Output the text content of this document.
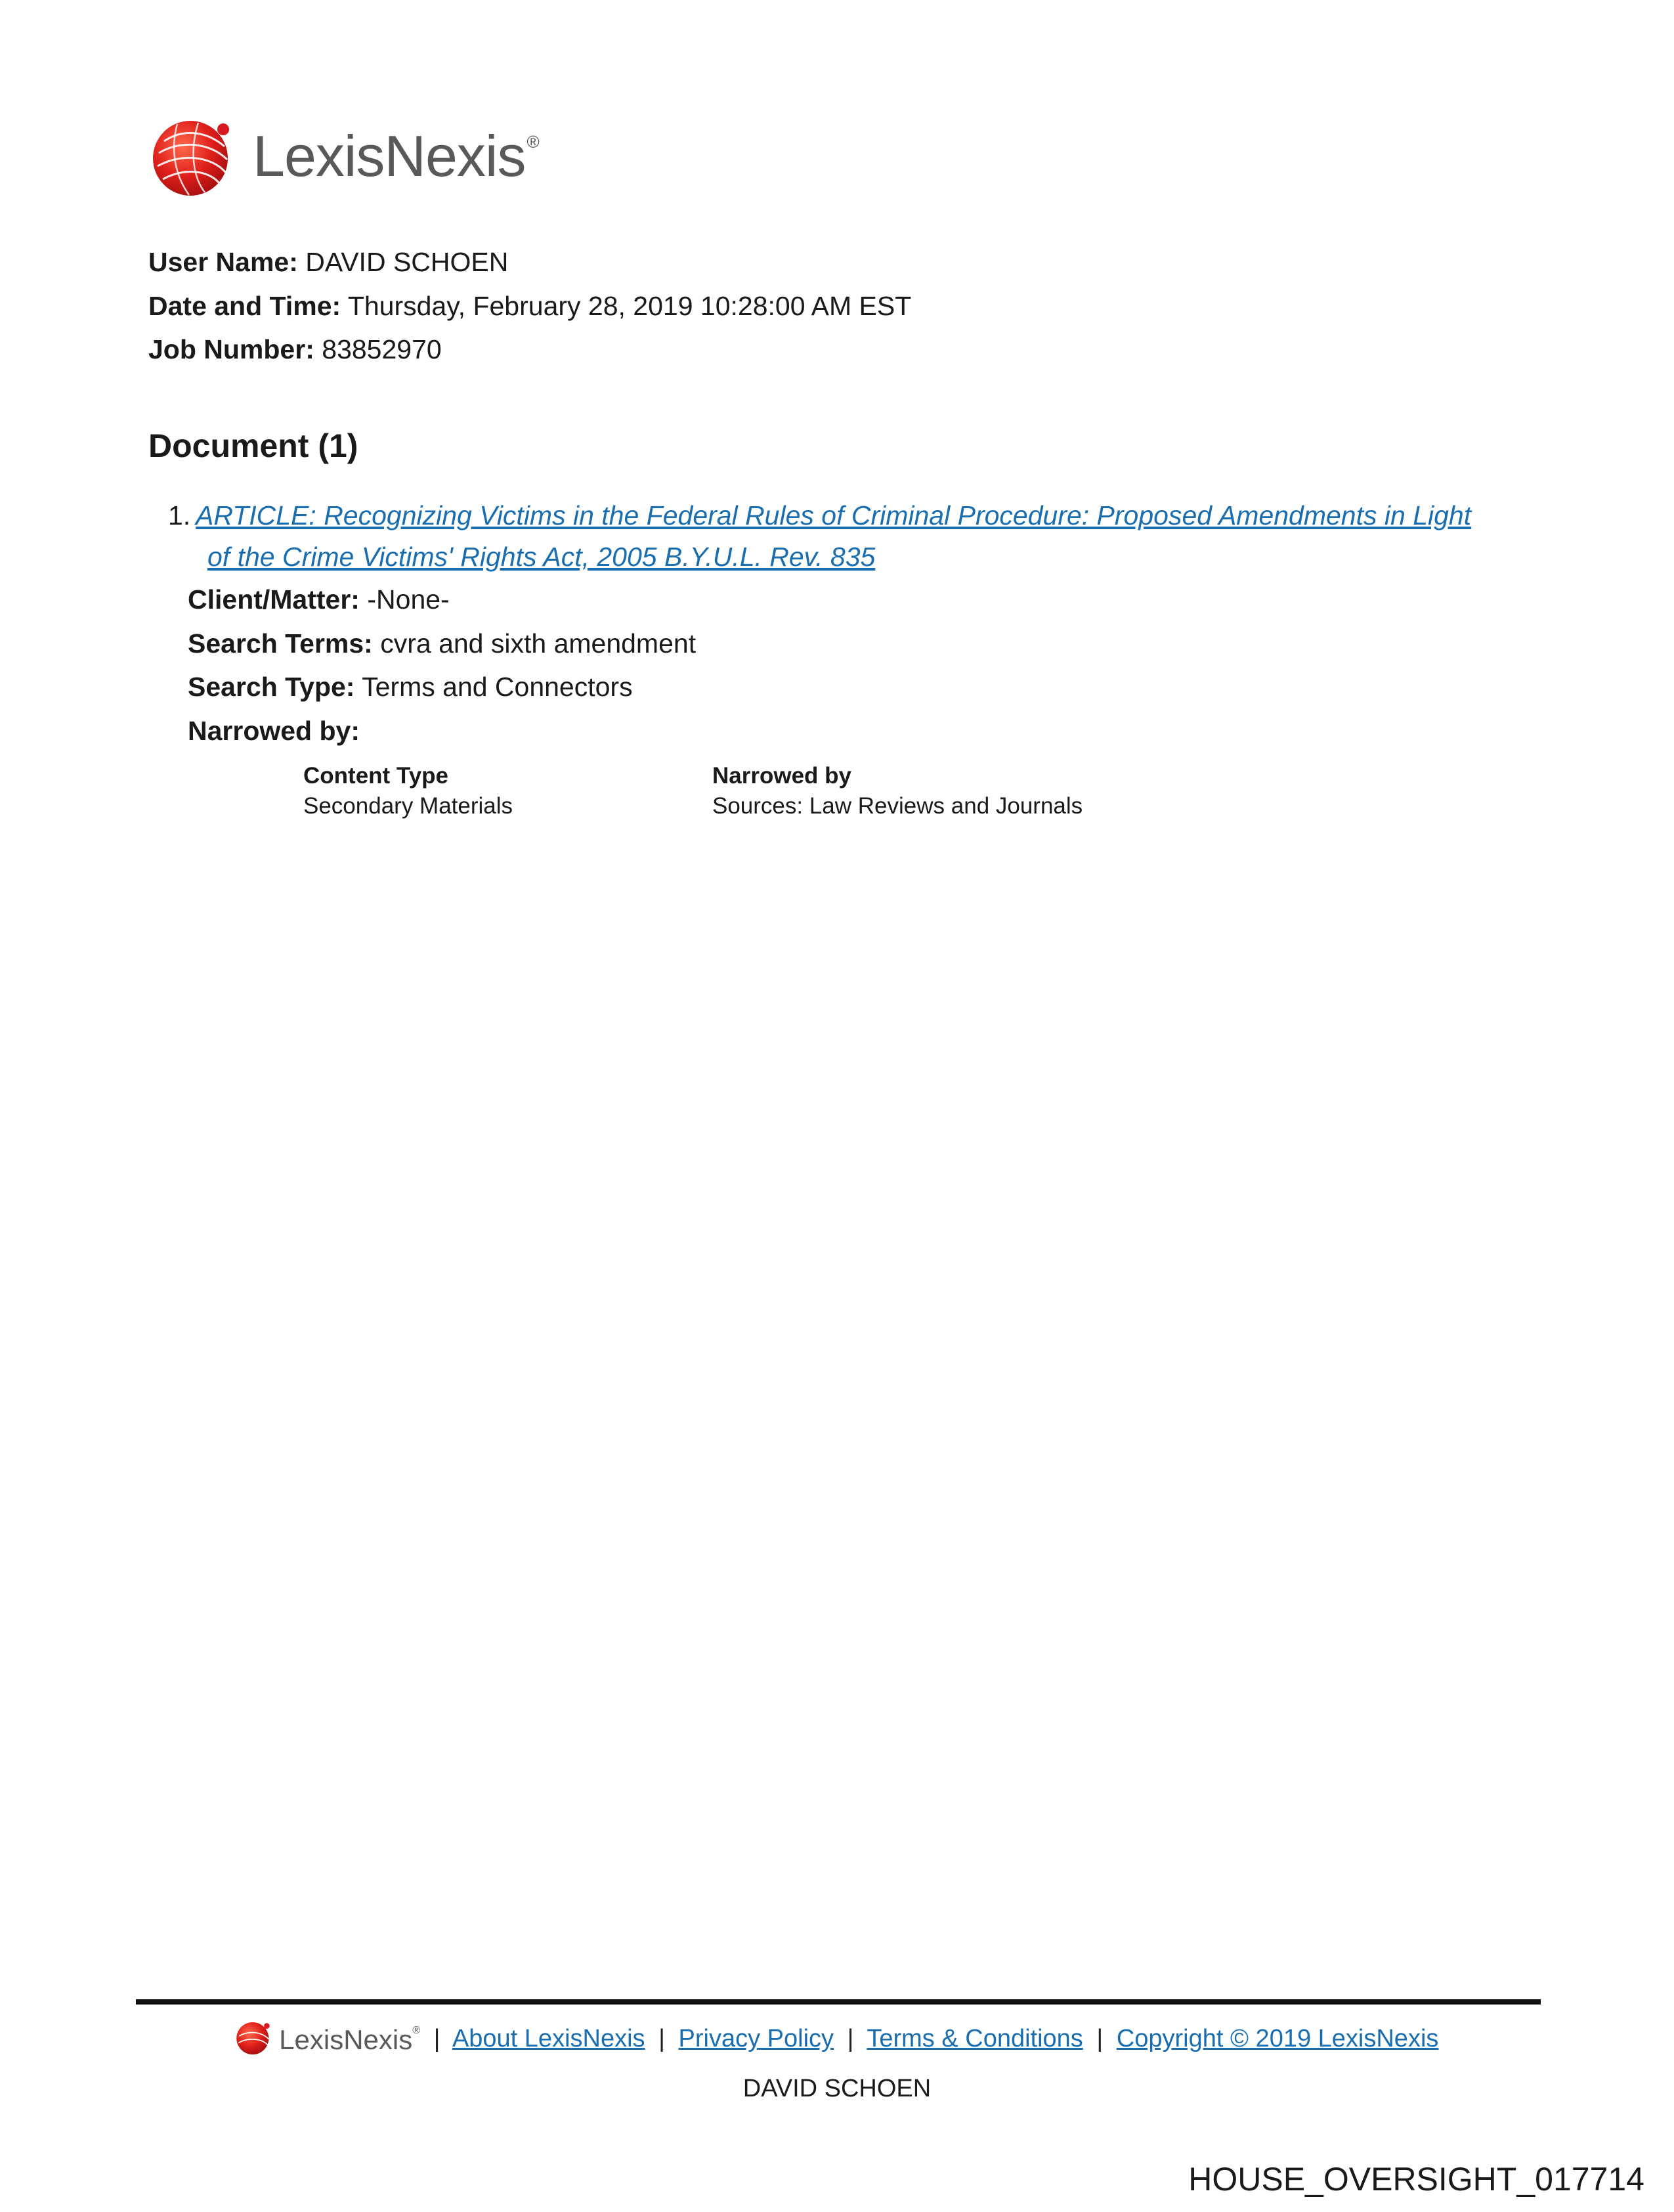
LexisNexis®
User Name: DAVID SCHOEN
Date and Time: Thursday, February 28, 2019 10:28:00 AM EST
Job Number: 83852970
Document (1)
1. ARTICLE: Recognizing Victims in the Federal Rules of Criminal Procedure: Proposed Amendments in Light
of the Crime Victims' Rights Act, 2005 B.Y.U.L. Rev. 835
Client/Matter: -None-
Search Terms: cvra and sixth amendment
Search Type: Terms and Connectors
Narrowed by:
Content Type
Secondary Materials
Narrowed by
Sources: Law Reviews and Journals
LexisNexis® | About LexisNexis | Privacy Policy | Terms & Conditions | Copyright © 2019 LexisNexis
DAVID SCHOEN
HOUSE_OVERSIGHT_017714
